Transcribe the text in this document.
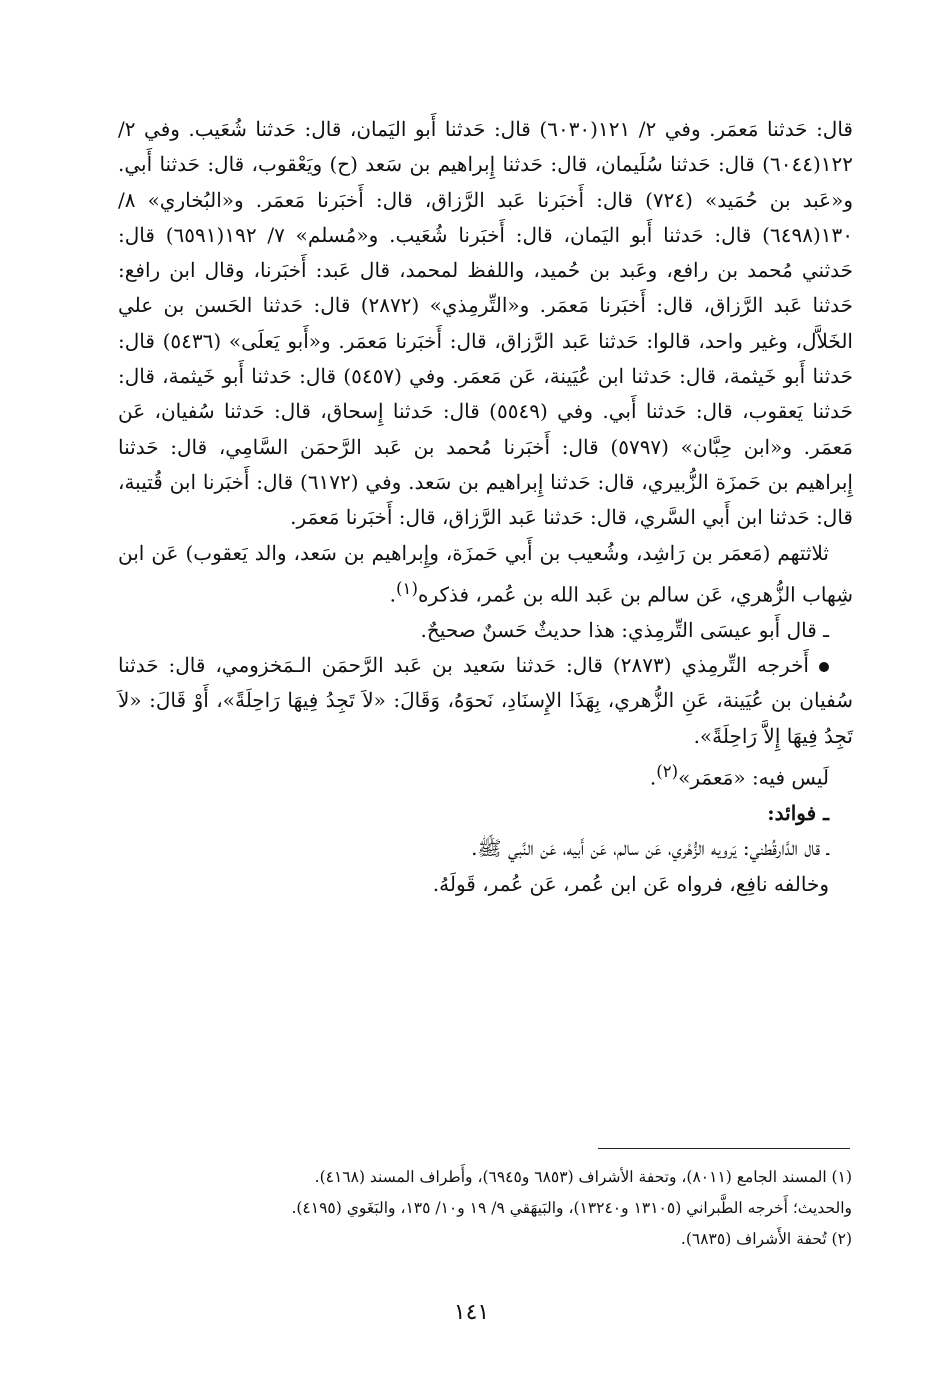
قال: حَدثنا مَعمَر. وفي ٢/ ١٢١(٦٠٣٠) قال: حَدثنا أَبو اليَمان، قال: حَدثنا شُعَيب. وفي ٢/ ١٢٢(٦٠٤٤) قال: حَدثنا سُلَيمان، قال: حَدثنا إِبراهيم بن سَعد (ح) ويَعْقوب، قال: حَدثنا أَبي. و«عَبد بن حُمَيد» (٧٢٤) قال: أَخبَرنا عَبد الرَّزاق، قال: أَخبَرنا مَعمَر. و«البُخاري» ٨/ ١٣٠(٦٤٩٨) قال: حَدثنا أَبو اليَمان، قال: أَخبَرنا شُعَيب. و«مُسلم» ٧/ ١٩٢(٦٥٩١) قال: حَدثني مُحمد بن رافع، وعَبد بن حُميد، واللفظ لمحمد، قال عَبد: أَخبَرنا، وقال ابن رافع: حَدثنا عَبد الرَّزاق، قال: أَخبَرنا مَعمَر. و«التِّرمِذي» (٢٨٧٢) قال: حَدثنا الحَسن بن علي الخَلاَّل، وغير واحد، قالوا: حَدثنا عَبد الرَّزاق، قال: أَخبَرنا مَعمَر. و«أَبو يَعلَى» (٥٤٣٦) قال: حَدثنا أَبو خَيثمة، قال: حَدثنا ابن عُيَينة، عَن مَعمَر. وفي (٥٤٥٧) قال: حَدثنا أَبو خَيثمة، قال: حَدثنا يَعقوب، قال: حَدثنا أَبي. وفي (٥٥٤٩) قال: حَدثنا إِسحاق، قال: حَدثنا سُفيان، عَن مَعمَر. و«ابن حِبَّان» (٥٧٩٧) قال: أَخبَرنا مُحمد بن عَبد الرَّحمَن السَّامِي، قال: حَدثنا إِبراهيم بن حَمزَة الزُّبيري، قال: حَدثنا إِبراهيم بن سَعد. وفي (٦١٧٢) قال: أَخبَرنا ابن قُتيبة، قال: حَدثنا ابن أَبي السَّري، قال: حَدثنا عَبد الرَّزاق، قال: أَخبَرنا مَعمَر.

ثلاثتهم (مَعمَر بن رَاشِد، وشُعيب بن أَبي حَمزَة، وإِبراهيم بن سَعد، والد يَعقوب) عَن ابن شِهاب الزُّهري، عَن سالم بن عَبد الله بن عُمر، فذكره$^{(١)}$.

ـ قال أَبو عيسَى التِّرمِذي: هذا حديثٌ حَسنٌ صحيحٌ.

أَخرجه التِّرمِذي (٢٨٧٣) قال: حَدثنا سَعيد بن عَبد الرَّحمَن الـمَخزومي، قال: حَدثنا سُفيان بن عُيَينة، عَنِ الزُّهري، بِهَذَا الإِسنَادِ، نَحوَهُ، وَقَالَ: «لاَ تَجِدُ فِيهَا رَاحِلَةً»، أَوْ قَالَ: «لاَ تَجِدُ فِيهَا إِلاَّ رَاحِلَةً».

لَيس فيه: «مَعمَر»$^{(٢)}$.

ـ فوائد:

ـ قال الدَّارقُطني: يَرويه الزُّهْري، عَن سالم، عَن أَبيه، عَن النَّبي ﷺ.

وخالفه نافِع، فرواه عَن ابن عُمر، عَن عُمر، قَولَهُ.

(١) المسند الجامع (٨٠١١)، وتحفة الأشراف (٦٨٥٣ و٦٩٤٥)، وأَطراف المسند (٤١٦٨).

والحديث؛ أَخرجه الطَّبراني (١٣١٠٥ و١٣٢٤٠)، والبَيهَقي ٩/ ١٩ و١٠/ ١٣٥، والبَغَوي (٤١٩٥).

(٢) تُحفة الأَشراف (٦٨٣٥).

١٤١
